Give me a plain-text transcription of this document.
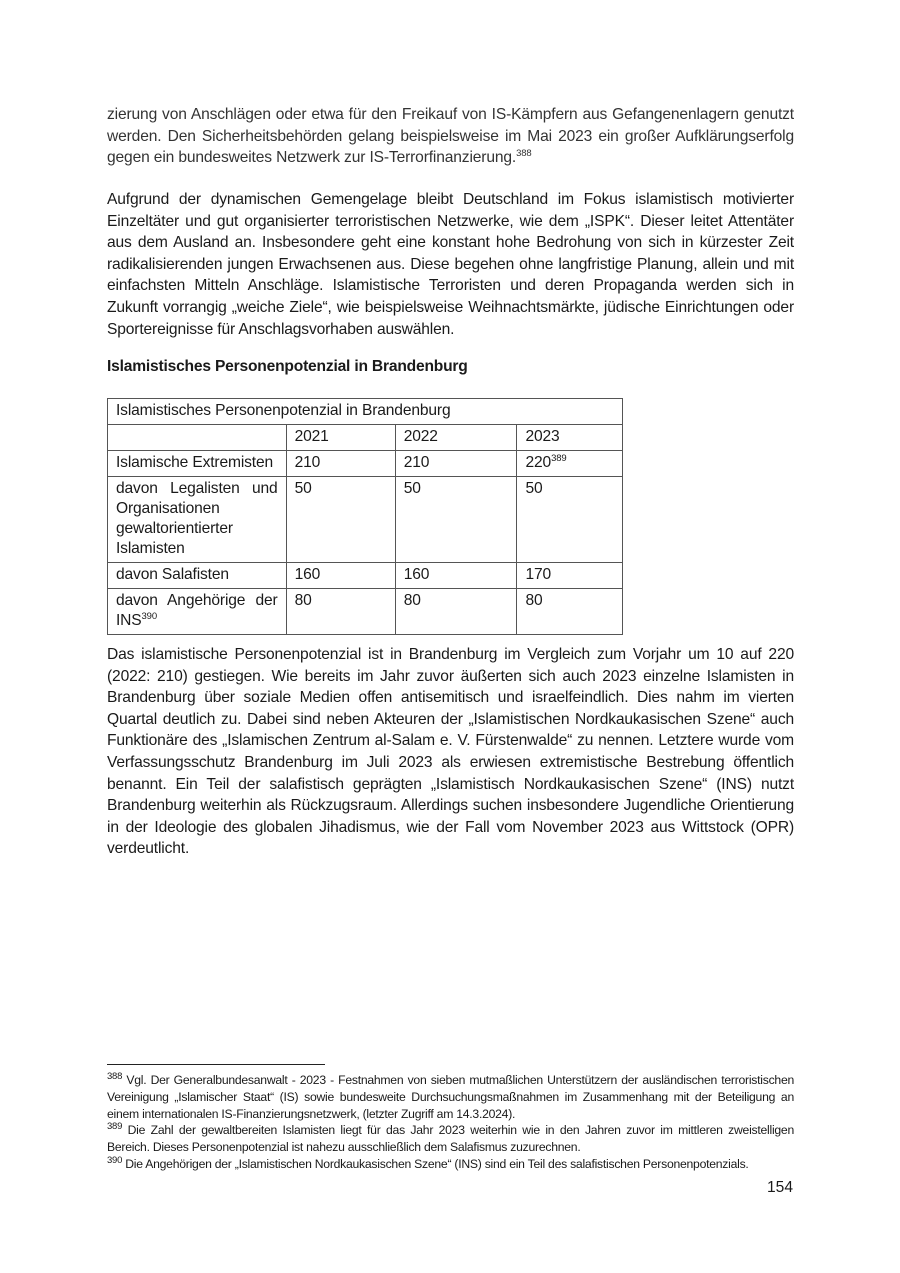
zierung von Anschlägen oder etwa für den Freikauf von IS-Kämpfern aus Gefangenenlagern genutzt werden. Den Sicherheitsbehörden gelang beispielsweise im Mai 2023 ein großer Aufklärungserfolg gegen ein bundesweites Netzwerk zur IS-Terrorfinanzierung.$^{388}$

Aufgrund der dynamischen Gemengelage bleibt Deutschland im Fokus islamistisch motivierter Einzeltäter und gut organisierter terroristischen Netzwerke, wie dem „ISPK“. Dieser leitet Attentäter aus dem Ausland an. Insbesondere geht eine konstant hohe Bedrohung von sich in kürzester Zeit radikalisierenden jungen Erwachsenen aus. Diese begehen ohne langfristige Planung, allein und mit einfachsten Mitteln Anschläge. Islamistische Terroristen und deren Propaganda werden sich in Zukunft vorrangig „weiche Ziele“, wie beispielsweise Weihnachtsmärkte, jüdische Einrichtungen oder Sportereignisse für Anschlagsvorhaben auswählen.

Islamistisches Personenpotenzial in Brandenburg
Islamistisches Personenpotenzial in Brandenburg			
	2021	2022	2023
Islamische Extremisten	210	210	$220^{389}$
davon Legalisten und Organisationen gewaltorientierter Islamisten	50	50	50
davon Salafisten	160	160	170
davon Angehörige der INS$^{390}$	80	80	80

Das islamistische Personenpotenzial ist in Brandenburg im Vergleich zum Vorjahr um 10 auf 220 (2022: 210) gestiegen. Wie bereits im Jahr zuvor äußerten sich auch 2023 einzelne Islamisten in Brandenburg über soziale Medien offen antisemitisch und israelfeindlich. Dies nahm im vierten Quartal deutlich zu. Dabei sind neben Akteuren der „Islamistischen Nordkaukasischen Szene“ auch Funktionäre des „Islamischen Zentrum al-Salam e. V. Fürstenwalde“ zu nennen. Letztere wurde vom Verfassungsschutz Brandenburg im Juli 2023 als erwiesen extremistische Bestrebung öffentlich benannt. Ein Teil der salafistisch geprägten „Islamistisch Nordkaukasischen Szene“ (INS) nutzt Brandenburg weiterhin als Rückzugsraum. Allerdings suchen insbesondere Jugendliche Orientierung in der Ideologie des globalen Jihadismus, wie der Fall vom November 2023 aus Wittstock (OPR) verdeutlicht.

$^{388}$ Vgl. Der Generalbundesanwalt - 2023 - Festnahmen von sieben mutmaßlichen Unterstützern der ausländischen terroristischen Vereinigung „Islamischer Staat“ (IS) sowie bundesweite Durchsuchungsmaßnahmen im Zusammenhang mit der Beteiligung an einem internationalen IS-Finanzierungsnetzwerk, (letzter Zugriff am 14.3.2024).

$^{389}$ Die Zahl der gewaltbereiten Islamisten liegt für das Jahr 2023 weiterhin wie in den Jahren zuvor im mittleren zweistelligen Bereich. Dieses Personenpotenzial ist nahezu ausschließlich dem Salafismus zuzurechnen.

$^{390}$ Die Angehörigen der „Islamistischen Nordkaukasischen Szene“ (INS) sind ein Teil des salafistischen Personenpotenzials.

154
